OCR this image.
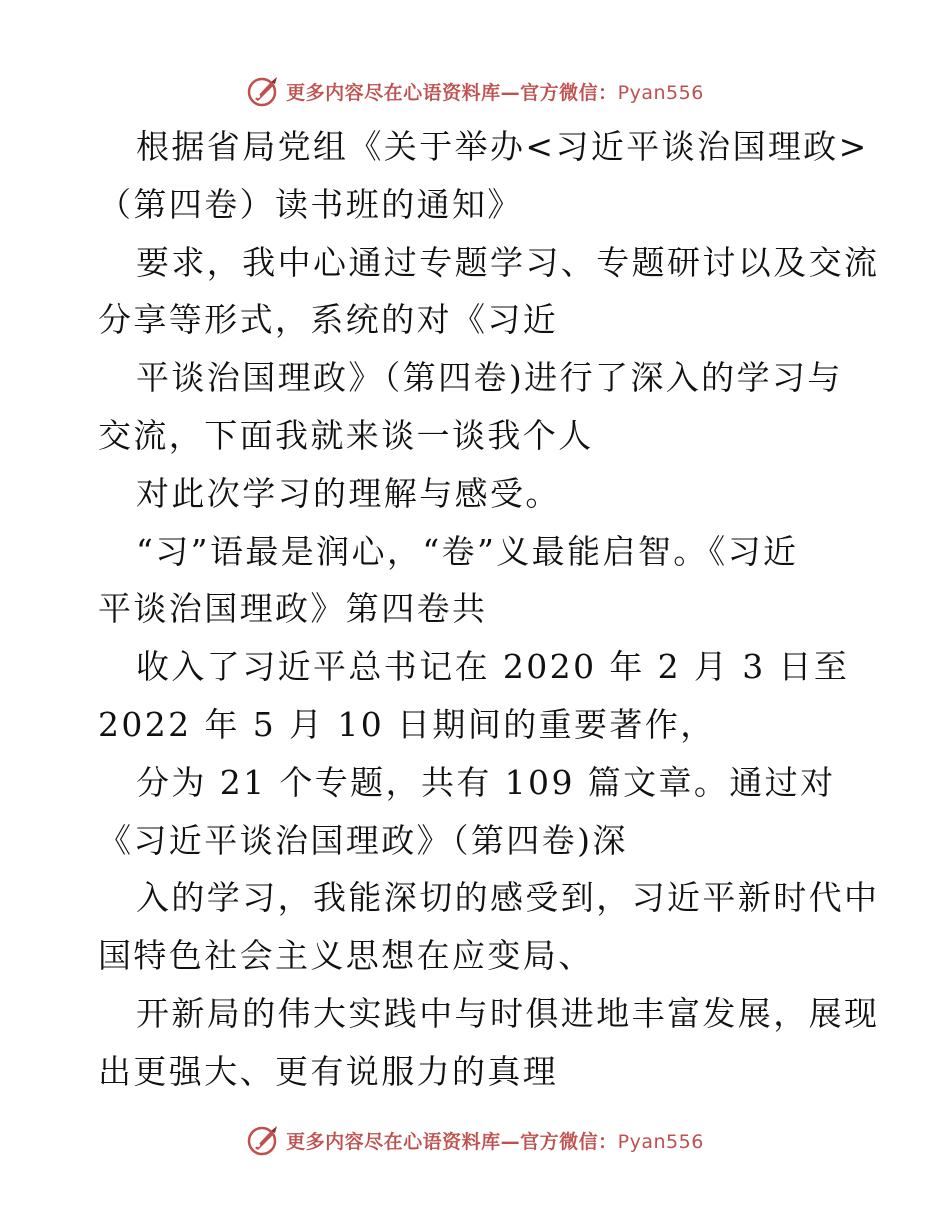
更多内容尽在心语资料库—官方微信：Pyan556
根据省局党组《关于举办<习近平谈治国理政>
（第四卷）读书班的通知》
要求，我中心通过专题学习、专题研讨以及交流
分享等形式，系统的对《习近
平谈治国理政》（第四卷)进行了深入的学习与
交流，下面我就来谈一谈我个人
对此次学习的理解与感受。
“习”语最是润心，“卷”义最能启智。《习近
平谈治国理政》第四卷共
收入了习近平总书记在 2020 年 2 月 3 日至
2022 年 5 月 10 日期间的重要著作，
分为 21 个专题，共有 109 篇文章。通过对
《习近平谈治国理政》（第四卷)深
入的学习，我能深切的感受到，习近平新时代中
国特色社会主义思想在应变局、
开新局的伟大实践中与时俱进地丰富发展，展现
出更强大、更有说服力的真理
更多内容尽在心语资料库—官方微信：Pyan556
